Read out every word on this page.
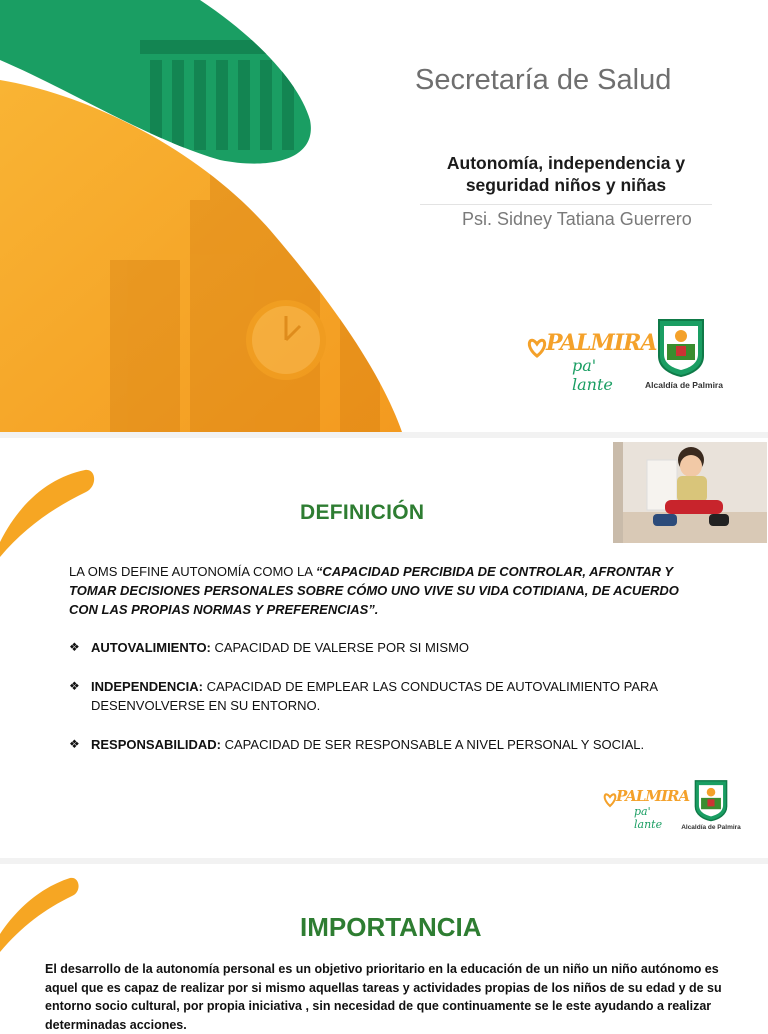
Secretaría de Salud
Autonomía, independencia y
seguridad niños y niñas
Psi. Sidney Tatiana Guerrero
PALMIRA
pa' lante	Alcaldía de Palmira
DEFINICIÓN
LA OMS DEFINE AUTONOMÍA COMO LA “CAPACIDAD PERCIBIDA DE CONTROLAR, AFRONTAR Y TOMAR DECISIONES PERSONALES SOBRE CÓMO UNO VIVE SU VIDA COTIDIANA, DE ACUERDO CON LAS PROPIAS NORMAS Y PREFERENCIAS”.
❖ AUTOVALIMIENTO: CAPACIDAD DE VALERSE POR SI MISMO
❖ INDEPENDENCIA: CAPACIDAD DE EMPLEAR LAS CONDUCTAS DE AUTOVALIMIENTO PARA DESENVOLVERSE EN SU ENTORNO.
❖ RESPONSABILIDAD: CAPACIDAD DE SER RESPONSABLE A NIVEL PERSONAL Y SOCIAL.
PALMIRA
pa' lante	Alcaldía de Palmira
IMPORTANCIA
El desarrollo de la autonomía personal es un objetivo prioritario en la educación de un niño un niño autónomo es aquel que es capaz de realizar por si mismo aquellas tareas y actividades propias de los niños de su edad y de su entorno socio cultural, por propia iniciativa , sin necesidad de que continuamente se le este ayudando a realizar determinadas acciones.
